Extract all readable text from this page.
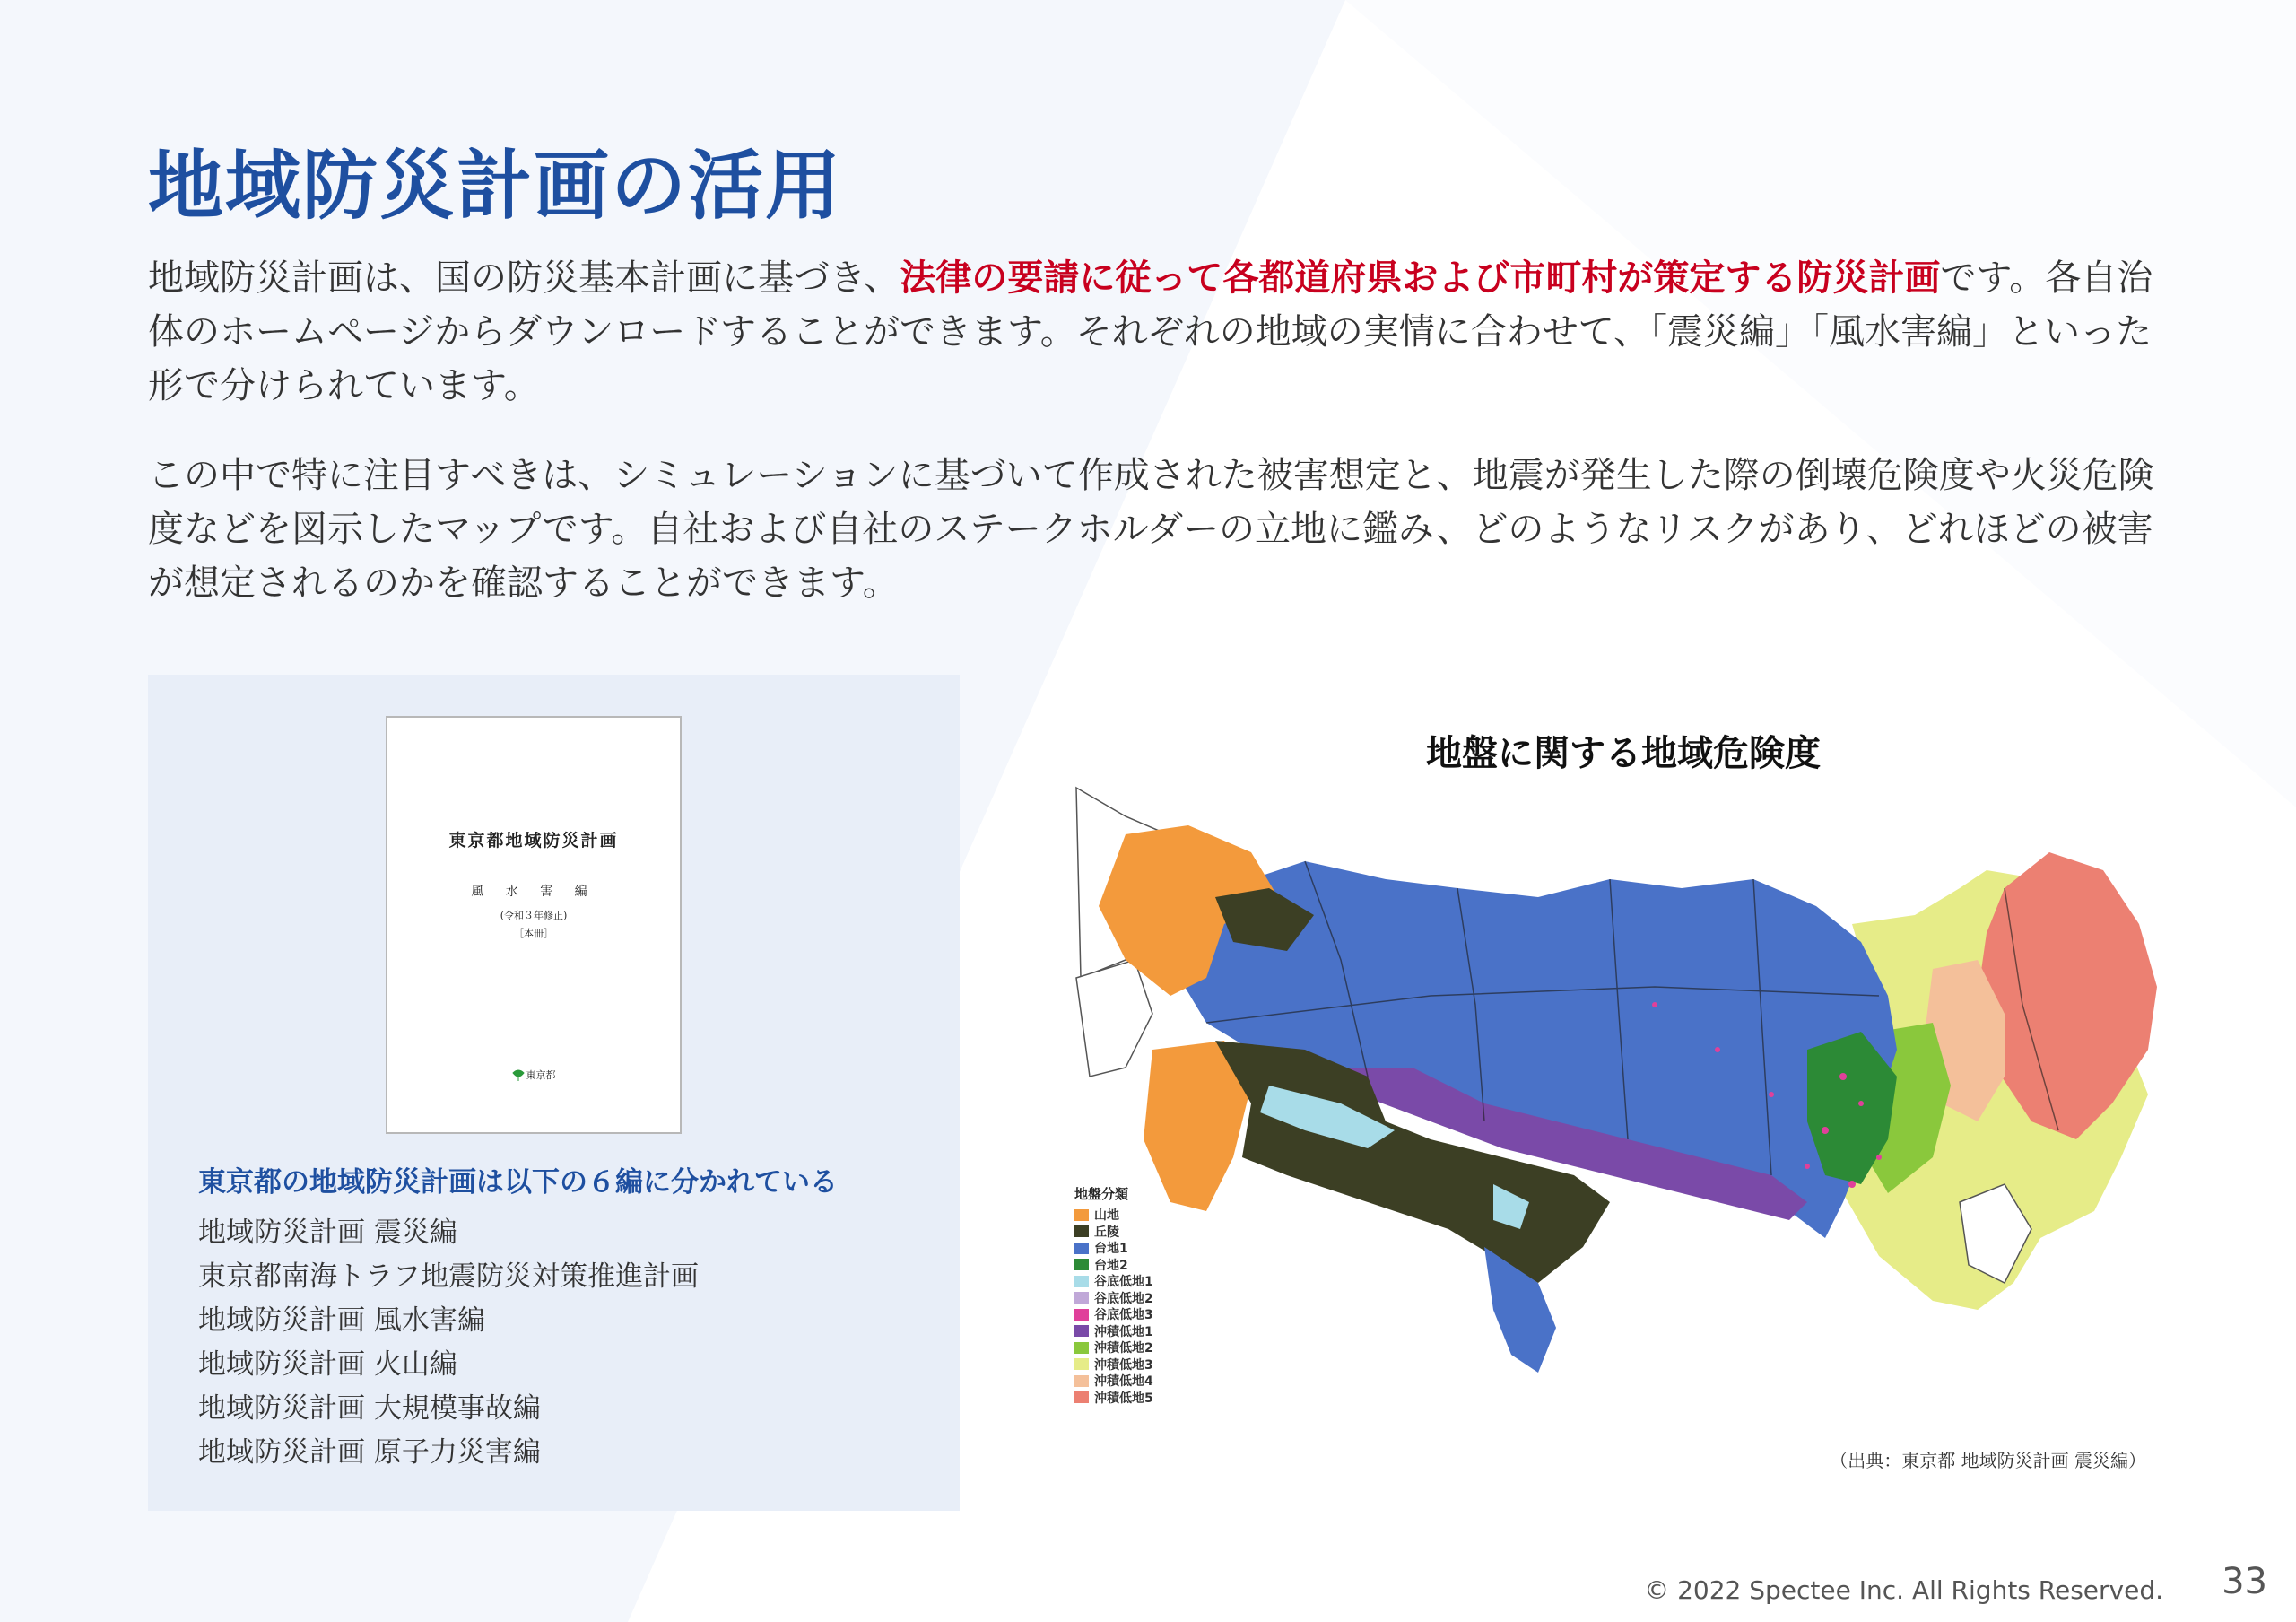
地域防災計画の活用

地域防災計画は、国の防災基本計画に基づき、法律の要請に従って各都道府県および市町村が策定する防災計画です。各自治体のホームページからダウンロードすることができます。それぞれの地域の実情に合わせて、「震災編」「風水害編」といった形で分けられています。

この中で特に注目すべきは、シミュレーションに基づいて作成された被害想定と、地震が発生した際の倒壊危険度や火災危険度などを図示したマップです。自社および自社のステークホルダーの立地に鑑み、どのようなリスクがあり、どれほどの被害が想定されるのかを確認することができます。

東京都地域防災計画
風 水 害 編
(令和３年修正)
［本冊］
東京都

東京都の地域防災計画は以下の６編に分かれている

地域防災計画 震災編
東京都南海トラフ地震防災対策推進計画
地域防災計画 風水害編
地域防災計画 火山編
地域防災計画 大規模事故編
地域防災計画 原子力災害編
地盤に関する地域危険度
地盤分類
山地
丘陵
台地1
台地2
谷底低地1
谷底低地2
谷底低地3
沖積低地1
沖積低地2
沖積低地3
沖積低地4
沖積低地5

（出典：東京都 地域防災計画 震災編）

© 2022 Spectee Inc. All Rights Reserved. 33
